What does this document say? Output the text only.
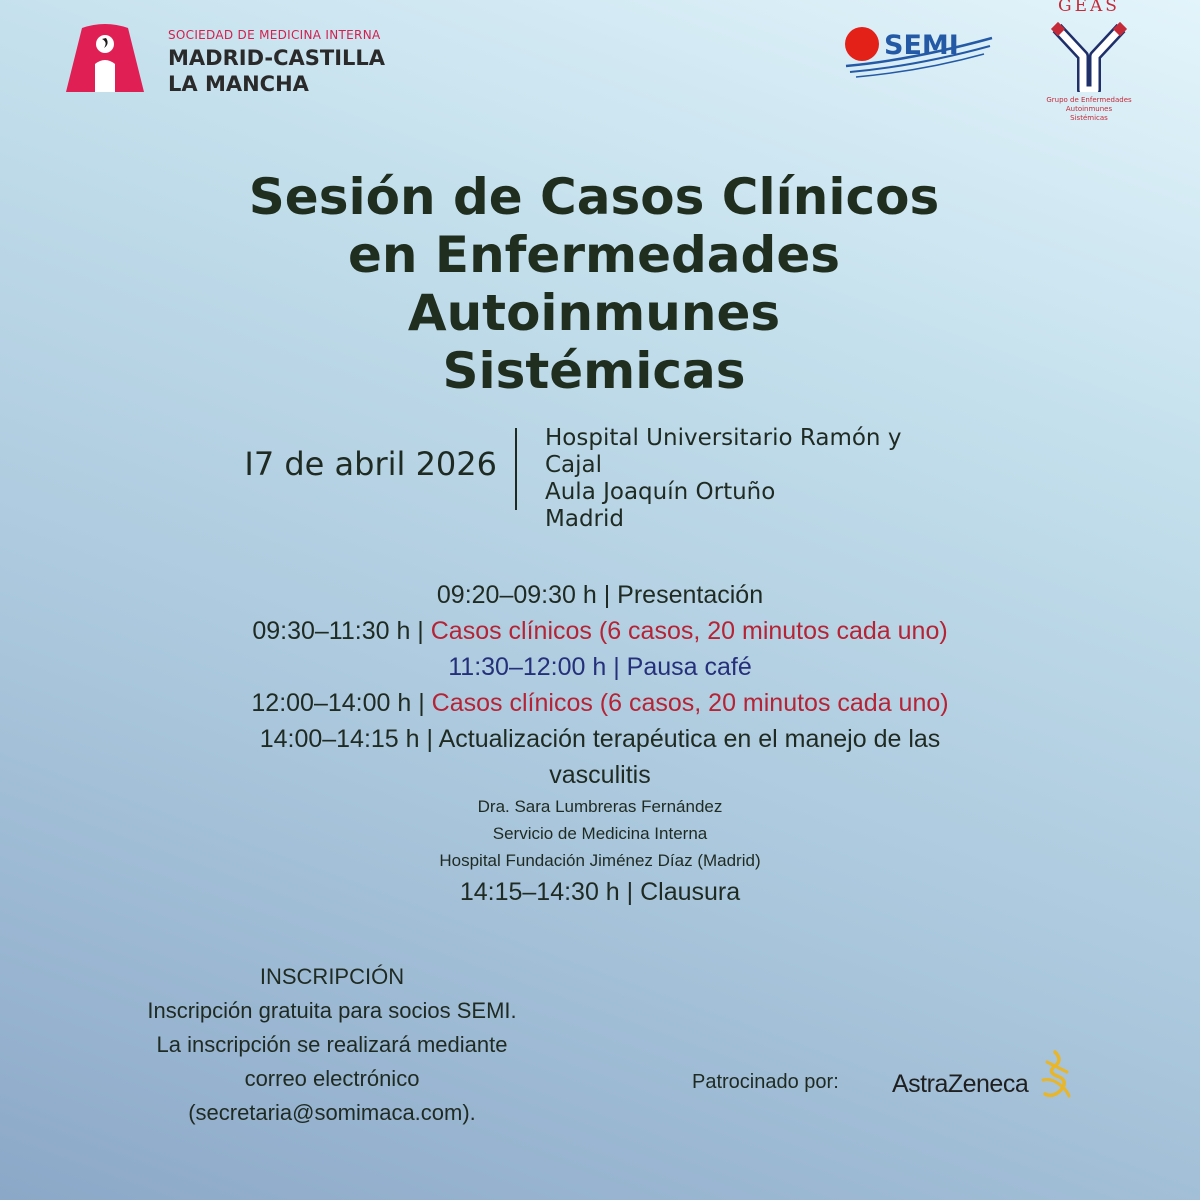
SOCIEDAD DE MEDICINA INTERNA
MADRID-CASTILLA
LA MANCHA
SEMI
GEAS
Grupo de Enfermedades Autoinmunes
Sistémicas
Sesión de Casos Clínicos
en Enfermedades
Autoinmunes
Sistémicas
I7 de abril 2026
Hospital Universitario Ramón y
Cajal
Aula Joaquín Ortuño
Madrid

09:20–09:30 h | Presentación

09:30–11:30 h | Casos clínicos (6 casos, 20 minutos cada uno)

11:30–12:00 h | Pausa café

12:00–14:00 h | Casos clínicos (6 casos, 20 minutos cada uno)

14:00–14:15 h | Actualización terapéutica en el manejo de las vasculitis

Dra. Sara Lumbreras Fernández
Servicio de Medicina Interna
Hospital Fundación Jiménez Díaz (Madrid)

14:15–14:30 h | Clausura

INSCRIPCIÓN
Inscripción gratuita para socios SEMI.
La inscripción se realizará mediante
correo electrónico
(secretaria@somimaca.com).
Patrocinado por: AstraZeneca
